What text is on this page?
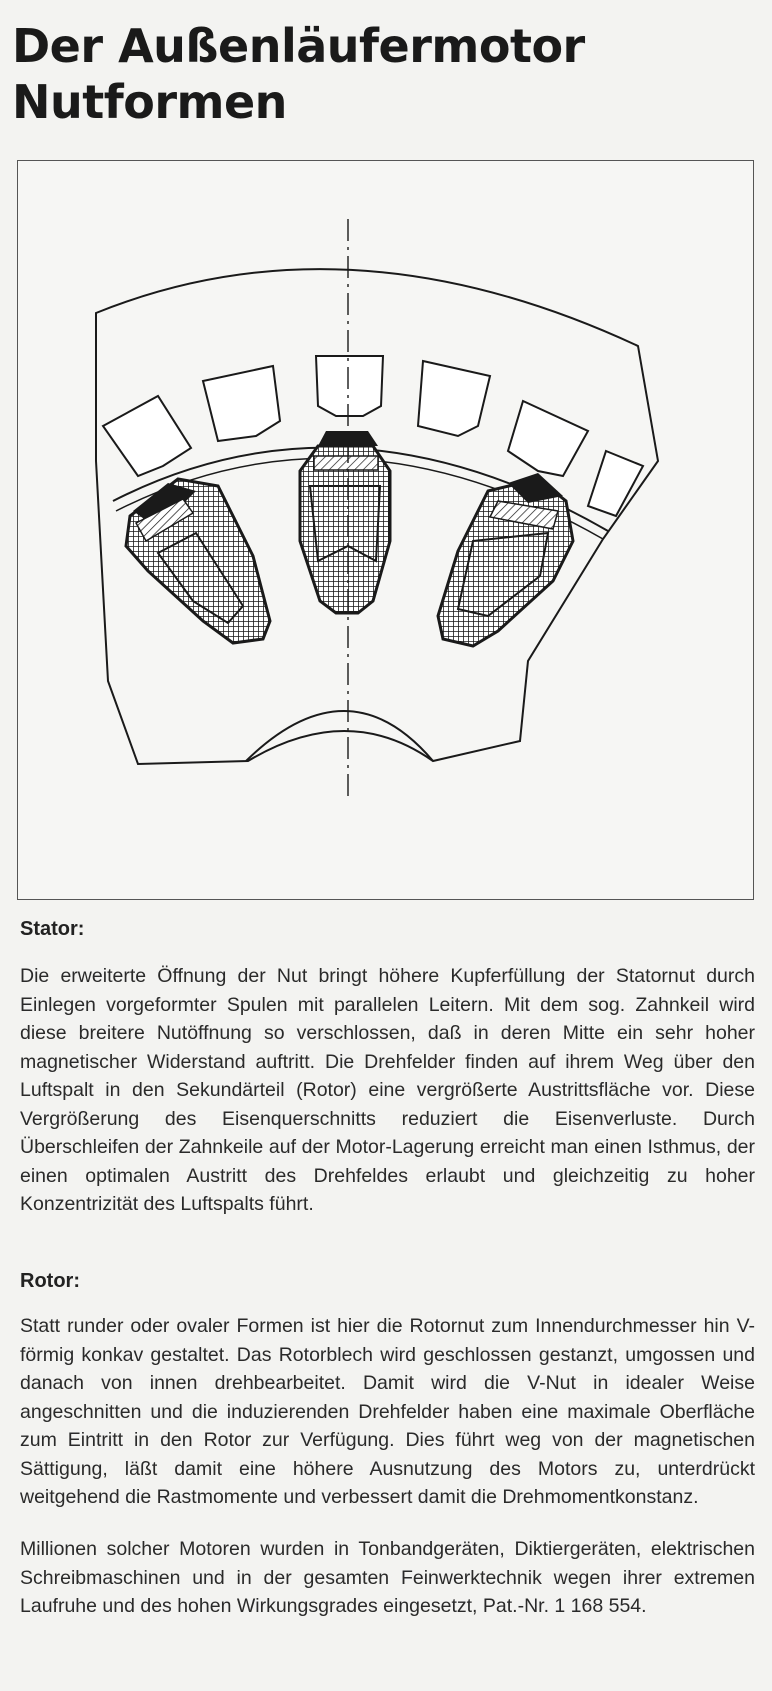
Der Außenläufermotor
Nutformen
Stator:

Die erweiterte Öffnung der Nut bringt höhere Kupferfüllung der Statornut durch Einlegen vorgeformter Spulen mit parallelen Leitern. Mit dem sog. Zahnkeil wird diese breitere Nutöffnung so verschlossen, daß in deren Mitte ein sehr hoher magnetischer Widerstand auftritt. Die Drehfelder finden auf ihrem Weg über den Luftspalt in den Sekundärteil (Rotor) eine vergrößerte Austrittsfläche vor. Diese Vergrößerung des Eisenquerschnitts reduziert die Eisenverluste. Durch Überschleifen der Zahnkeile auf der Motor-Lagerung erreicht man einen Isthmus, der einen optimalen Austritt des Drehfeldes erlaubt und gleichzeitig zu hoher Konzentrizität des Luftspalts führt.

Rotor:

Statt runder oder ovaler Formen ist hier die Rotornut zum Innendurchmesser hin V-förmig konkav gestaltet. Das Rotorblech wird geschlossen gestanzt, umgossen und danach von innen drehbearbeitet. Damit wird die V-Nut in idealer Weise angeschnitten und die induzierenden Drehfelder haben eine maximale Oberfläche zum Eintritt in den Rotor zur Verfügung. Dies führt weg von der magnetischen Sättigung, läßt damit eine höhere Ausnutzung des Motors zu, unterdrückt weitgehend die Rastmomente und verbessert damit die Drehmomentkonstanz.

Millionen solcher Motoren wurden in Tonbandgeräten, Diktiergeräten, elektrischen Schreibmaschinen und in der gesamten Feinwerktechnik wegen ihrer extremen Laufruhe und des hohen Wirkungsgrades eingesetzt, Pat.-Nr. 1 168 554.
